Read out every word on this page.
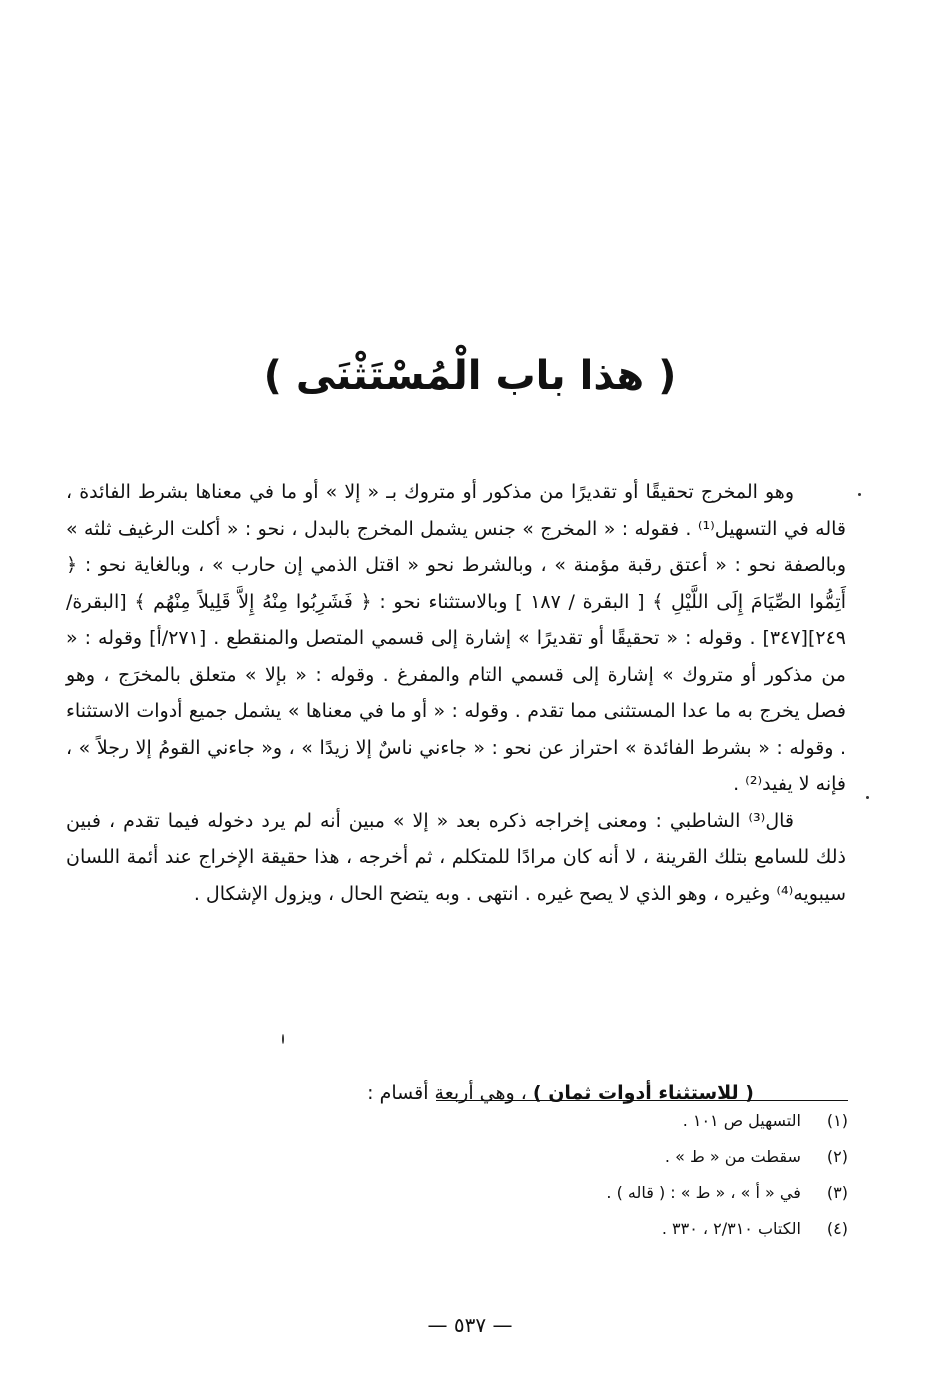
( هذا باب الْمُسْتَثْنَى )

وهو المخرج تحقيقًا أو تقديرًا من مذكور أو متروك بـ « إلا » أو ما في معناها بشرط الفائدة ، قاله في التسهيل⁽¹⁾ . فقوله : « المخرج » جنس يشمل المخرج بالبدل ، نحو : « أكلت الرغيف ثلثه » وبالصفة نحو : « أعتق رقبة مؤمنة » ، وبالشرط نحو « اقتل الذمي إن حارب » ، وبالغاية نحو : ﴿ أَتِمُّوا الصِّيَامَ إِلَى اللَّيْلِ ﴾ [ البقرة / ١٨٧ ] وبالاستثناء نحو : ﴿ فَشَرِبُوا مِنْهُ إِلاَّ قَلِيلاً مِنْهُم ﴾ [البقرة/٢٤٩][٣٤٧] . وقوله : « تحقيقًا أو تقديرًا » إشارة إلى قسمي المتصل والمنقطع . [٢٧١/أ] وقوله : « من مذكور أو متروك » إشارة إلى قسمي التام والمفرغ . وقوله : « بإلا » متعلق بالمخرَج ، وهو فصل يخرج به ما عدا المستثنى مما تقدم . وقوله : « أو ما في معناها » يشمل جميع أدوات الاستثناء . وقوله : « بشرط الفائدة » احتراز عن نحو : « جاءني ناسٌ إلا زيدًا » ، و« جاءني القومُ إلا رجلاً » ، فإنه لا يفيد⁽²⁾ .

قال⁽³⁾ الشاطبي : ومعنى إخراجه ذكره بعد « إلا » مبين أنه لم يرد دخوله فيما تقدم ، فبين ذلك للسامع بتلك القرينة ، لا أنه كان مرادًا للمتكلم ، ثم أخرجه ، هذا حقيقة الإخراج عند أئمة اللسان سيبويه⁽⁴⁾ وغيره ، وهو الذي لا يصح غيره . انتهى . وبه يتضح الحال ، ويزول الإشكال .

( للاستثناء أدوات ثمان ) ، وهي أربعة أقسام :
(١) التسهيل ص ١٠١ .
(٢) سقطت من « ط » .
(٣) في « أ » ، « ط » : ( قاله ) .
(٤) الكتاب ٢/٣١٠ ، ٣٣٠ .
— ٥٣٧ —
